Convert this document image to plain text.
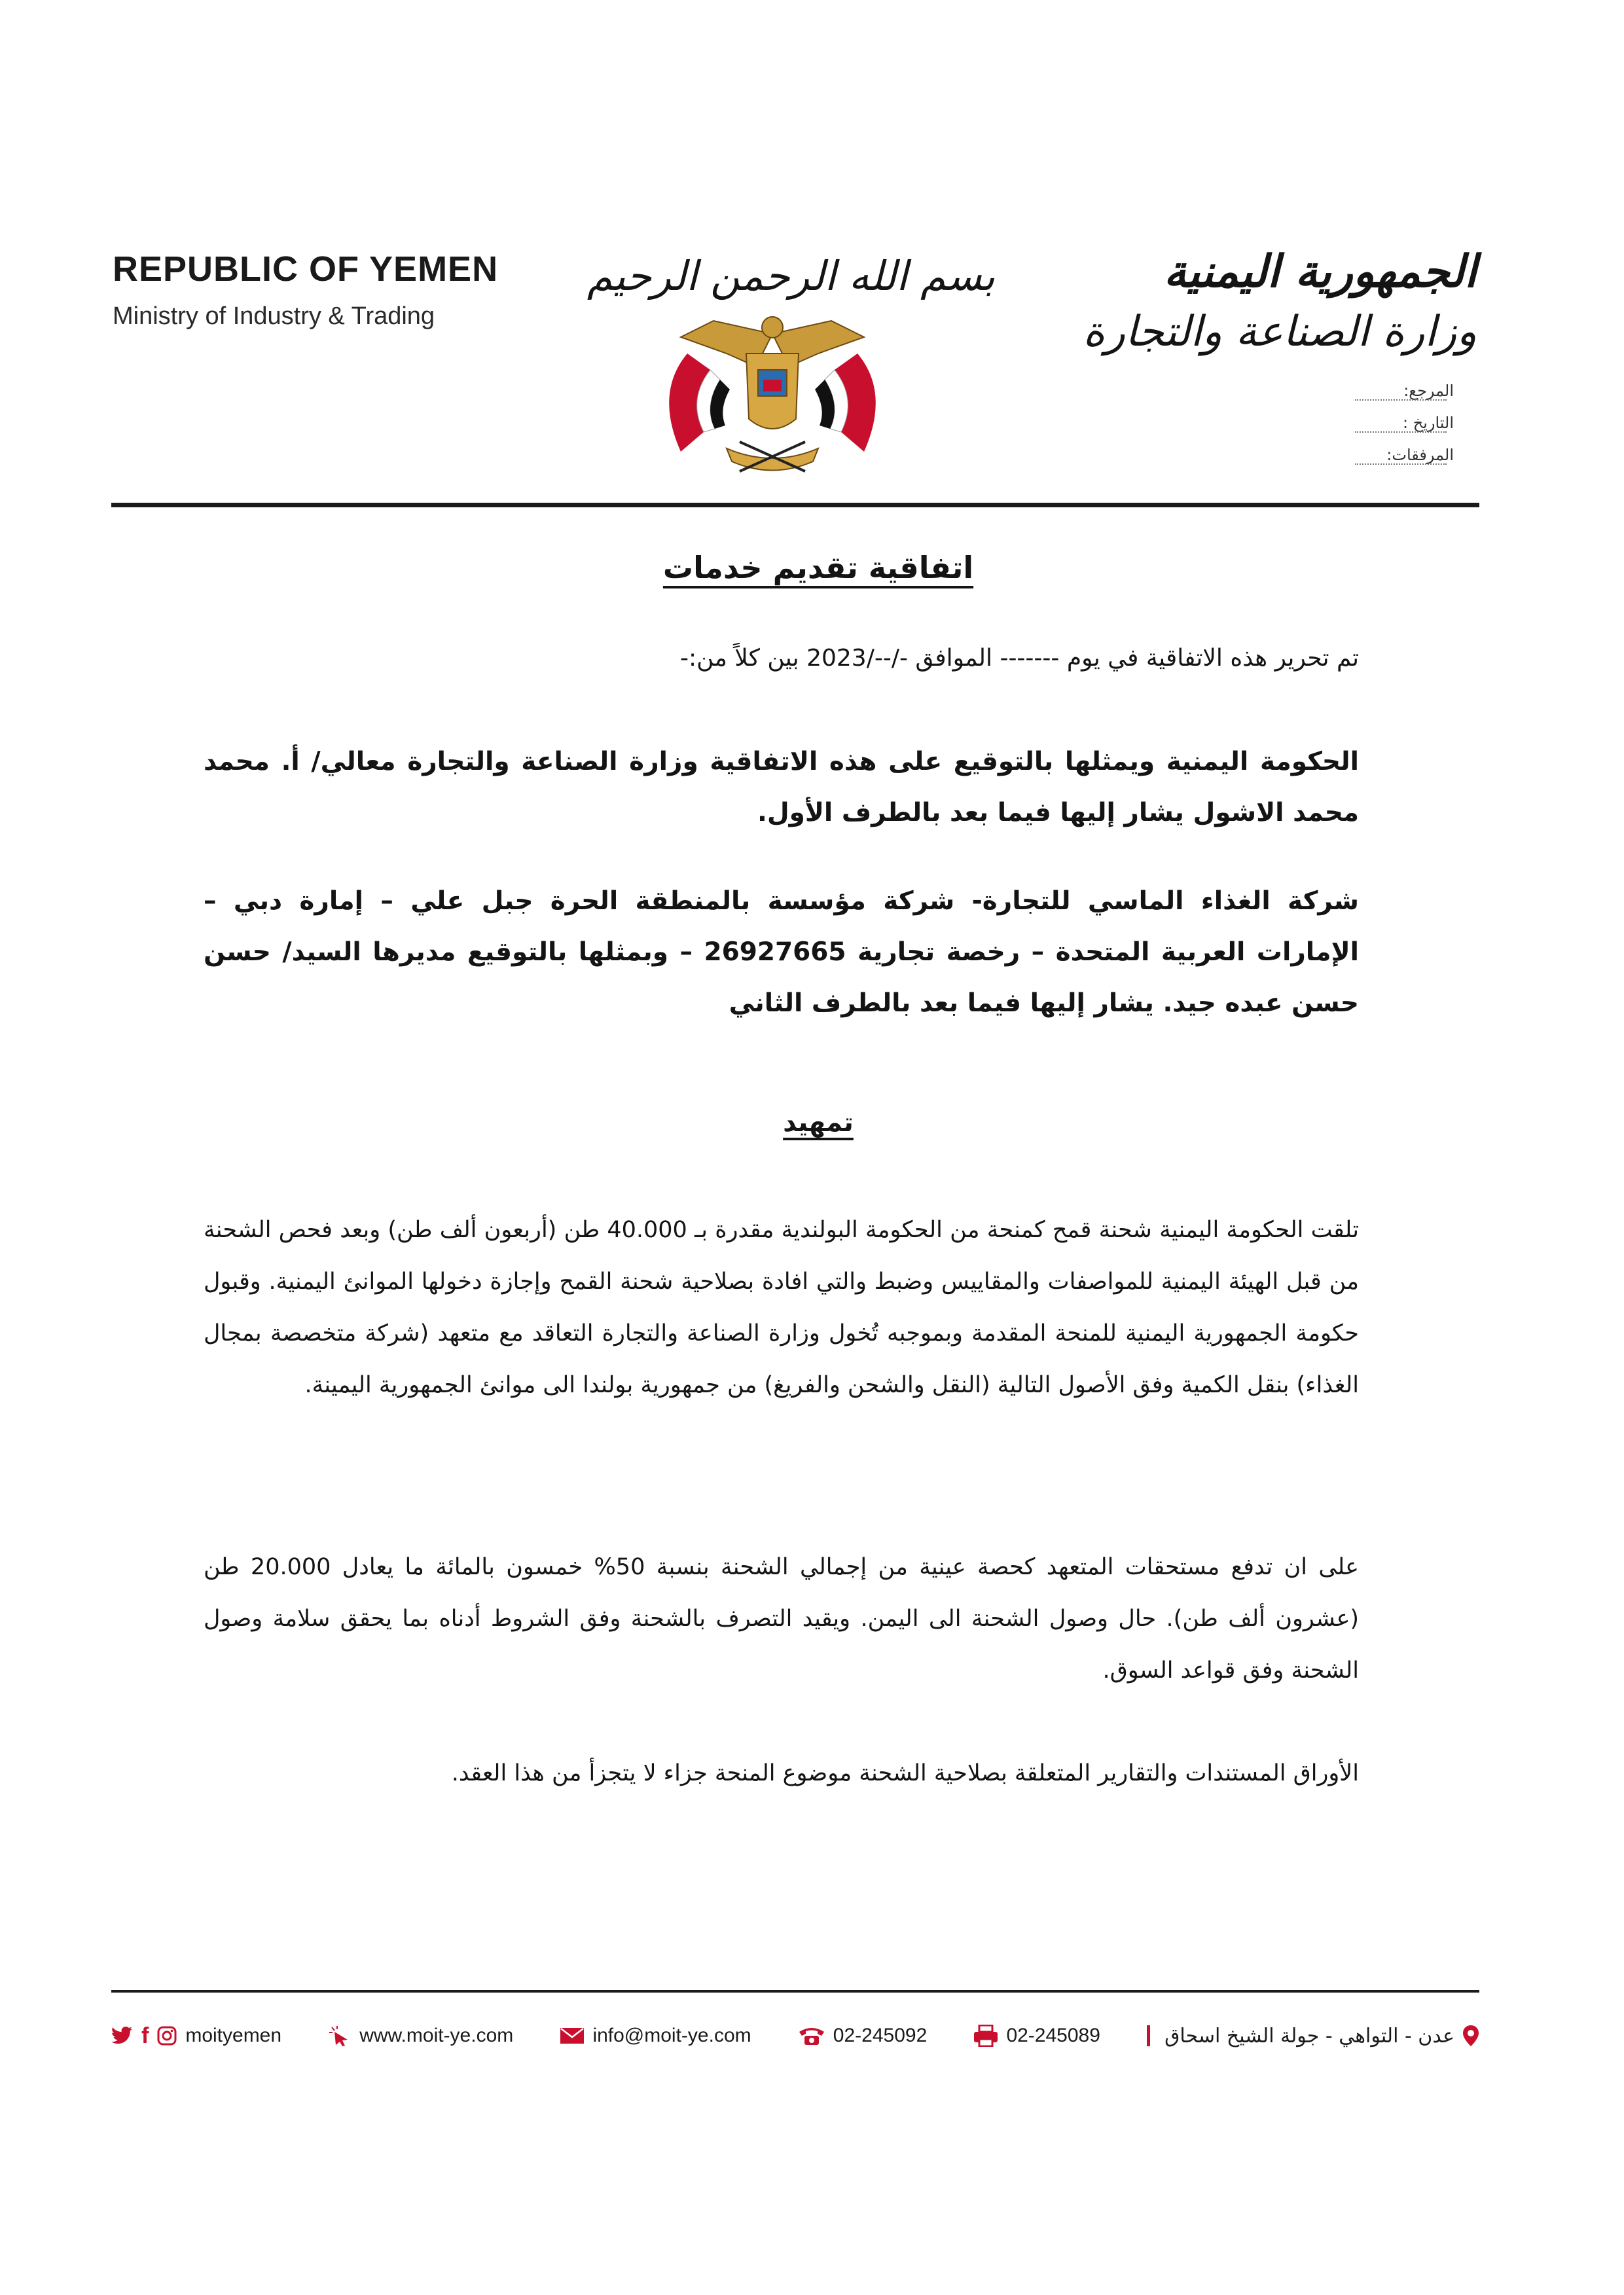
REPUBLIC OF YEMEN
Ministry of Industry & Trading
بسم الله الرحمن الرحيم	الجمهورية اليمنية
وزارة الصناعة والتجارة
المرجع:
التاريخ :
المرفقات:
اتفاقية تقديم خدمات
تم تحرير هذه الاتفاقية في يوم ------- الموافق -/--/2023 بين كلاً من:-
الحكومة اليمنية ويمثلها بالتوقيع على هذه الاتفاقية وزارة الصناعة والتجارة معالي/ أ. محمد محمد الاشول يشار إليها فيما بعد بالطرف الأول.
شركة الغذاء الماسي للتجارة- شركة مؤسسة بالمنطقة الحرة جبل علي – إمارة دبي – الإمارات العربية المتحدة – رخصة تجارية 26927665 – وبمثلها بالتوقيع مديرها السيد/ حسن حسن عبده جيد. يشار إليها فيما بعد بالطرف الثاني
تمهيد
تلقت الحكومة اليمنية شحنة قمح كمنحة من الحكومة البولندية مقدرة بـ 40.000 طن (أربعون ألف طن) وبعد فحص الشحنة من قبل الهيئة اليمنية للمواصفات والمقاييس وضبط والتي افادة بصلاحية شحنة القمح وإجازة دخولها الموانئ اليمنية. وقبول حكومة الجمهورية اليمنية للمنحة المقدمة وبموجبه تُخول وزارة الصناعة والتجارة التعاقد مع متعهد (شركة متخصصة بمجال الغذاء) بنقل الكمية وفق الأصول التالية (النقل والشحن والفريغ) من جمهورية بولندا الى موانئ الجمهورية اليمينة.
على ان تدفع مستحقات المتعهد كحصة عينية من إجمالي الشحنة بنسبة 50% خمسون بالمائة ما يعادل 20.000 طن (عشرون ألف طن). حال وصول الشحنة الى اليمن. ويقيد التصرف بالشحنة وفق الشروط أدناه بما يحقق سلامة وصول الشحنة وفق قواعد السوق.
الأوراق المستندات والتقارير المتعلقة بصلاحية الشحنة موضوع المنحة جزاء لا يتجزأ من هذا العقد.
f moityemen	www.moit-ye.com	info@moit-ye.com	02-245092	02-245089	عدن - التواهي - جولة الشيخ اسحاق
